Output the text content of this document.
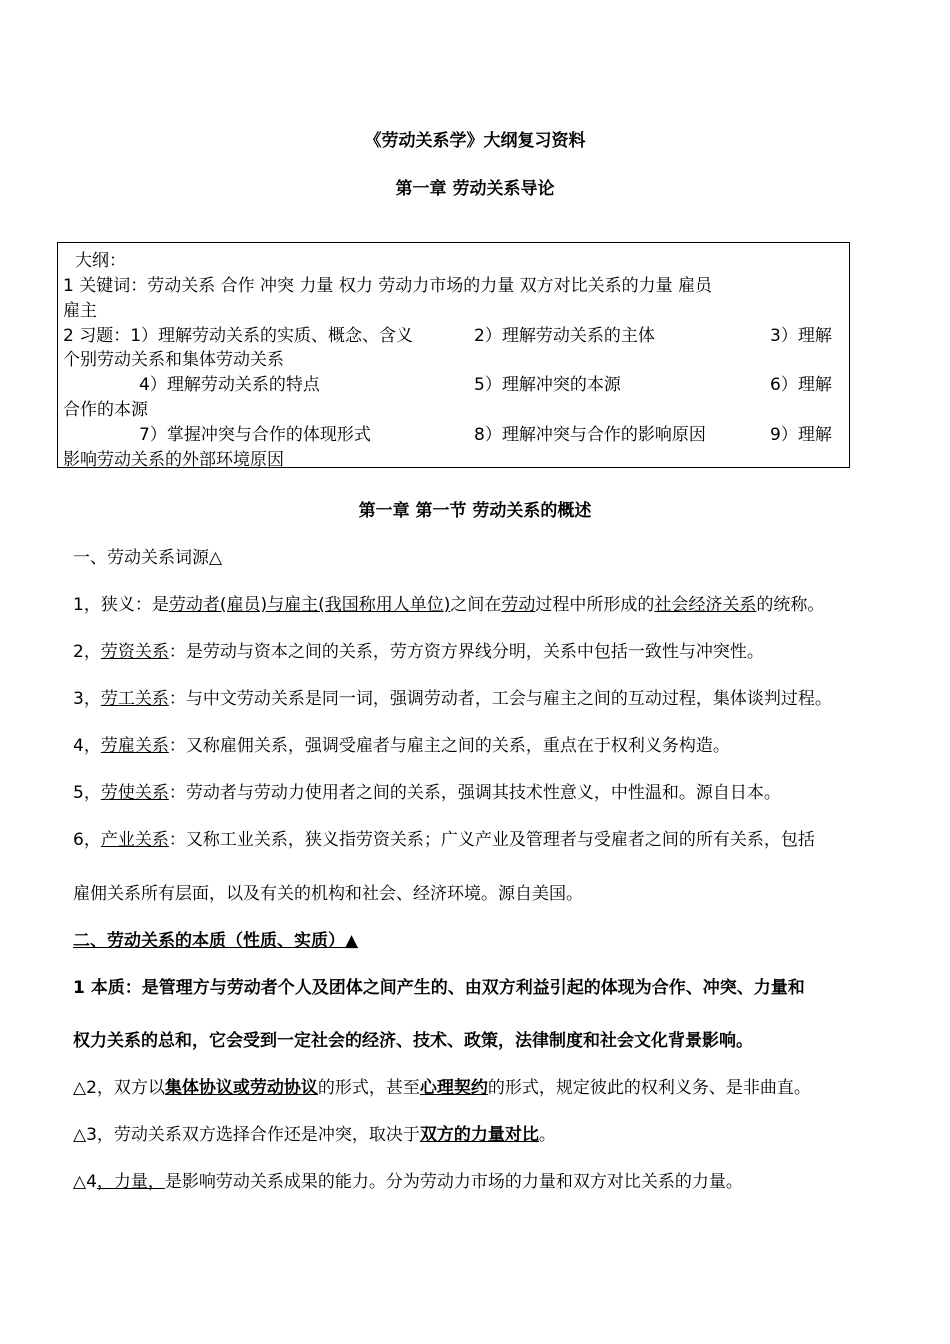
《劳动关系学》大纲复习资料
第一章 劳动关系导论
大纲：
1 关键词：劳动关系 合作 冲突 力量 权力 劳动力市场的力量 双方对比关系的力量 雇员
雇主
2 习题：1）理解劳动关系的实质、概念、含义	2）理解劳动关系的主体	3）理解
个别劳动关系和集体劳动关系
4）理解劳动关系的特点	5）理解冲突的本源	6）理解
合作的本源
7）掌握冲突与合作的体现形式	8）理解冲突与合作的影响原因	9）理解
影响劳动关系的外部环境原因
第一章 第一节 劳动关系的概述
一、劳动关系词源△
1，狭义：是劳动者(雇员)与雇主(我国称用人单位)之间在劳动过程中所形成的社会经济关系的统称。
2，劳资关系：是劳动与资本之间的关系，劳方资方界线分明，关系中包括一致性与冲突性。
3，劳工关系：与中文劳动关系是同一词，强调劳动者，工会与雇主之间的互动过程，集体谈判过程。
4，劳雇关系：又称雇佣关系，强调受雇者与雇主之间的关系，重点在于权利义务构造。
5，劳使关系：劳动者与劳动力使用者之间的关系，强调其技术性意义，中性温和。源自日本。
6，产业关系：又称工业关系，狭义指劳资关系；广义产业及管理者与受雇者之间的所有关系，包括
雇佣关系所有层面，以及有关的机构和社会、经济环境。源自美国。
二、劳动关系的本质（性质、实质）▲
1 本质：是管理方与劳动者个人及团体之间产生的、由双方利益引起的体现为合作、冲突、力量和
权力关系的总和，它会受到一定社会的经济、技术、政策，法律制度和社会文化背景影响。
△2，双方以集体协议或劳动协议的形式，甚至心理契约的形式，规定彼此的权利义务、是非曲直。
△3，劳动关系双方选择合作还是冲突，取决于双方的力量对比。
△4，力量，是影响劳动关系成果的能力。分为劳动力市场的力量和双方对比关系的力量。
